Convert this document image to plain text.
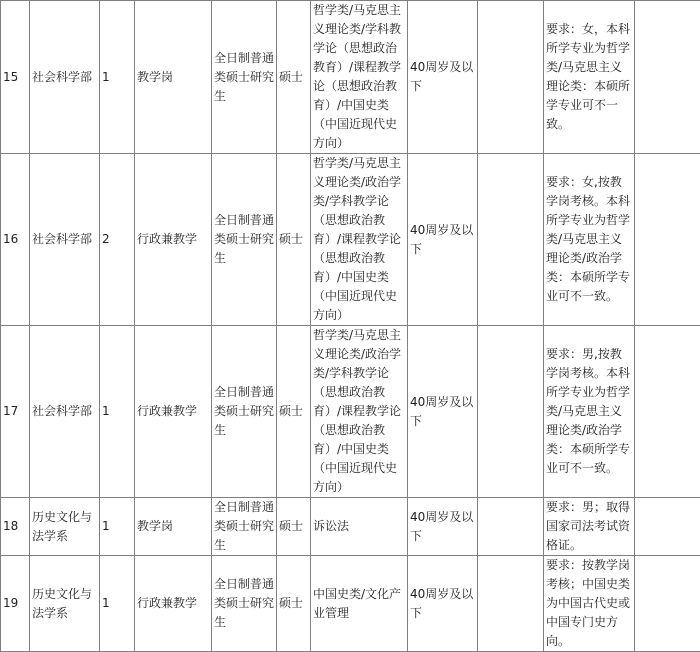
15	社会科学部	1	教学岗	全日制普通类硕士研究生	硕士	哲学类/马克思主义理论类/学科教学论（思想政治教育）/课程教学论（思想政治教育）/中国史类（中国近现代史方向）	40周岁及以下		要求：女，本科所学专业为哲学类/马克思主义理论类：本硕所学专业可不一致。	
16	社会科学部	2	行政兼教学	全日制普通类硕士研究生	硕士	哲学类/马克思主义理论类/政治学类/学科教学论（思想政治教育）/课程教学论（思想政治教育）/中国史类（中国近现代史方向）	40周岁及以下		要求：女,按教学岗考核。本科所学专业为哲学类/马克思主义理论类/政治学类：本硕所学专业可不一致。	
17	社会科学部	1	行政兼教学	全日制普通类硕士研究生	硕士	哲学类/马克思主义理论类/政治学类/学科教学论（思想政治教育）/课程教学论（思想政治教育）/中国史类（中国近现代史方向）	40周岁及以下		要求：男,按教学岗考核。本科所学专业为哲学类/马克思主义理论类/政治学类：本硕所学专业可不一致。	
18	历史文化与法学系	1	教学岗	全日制普通类硕士研究生	硕士	诉讼法	40周岁及以下		要求：男；取得国家司法考试资格证。	
19	历史文化与法学系	1	行政兼教学	全日制普通类硕士研究生	硕士	中国史类/文化产业管理	40周岁及以下		要求：按教学岗考核；中国史类为中国古代史或中国专门史方向。	
